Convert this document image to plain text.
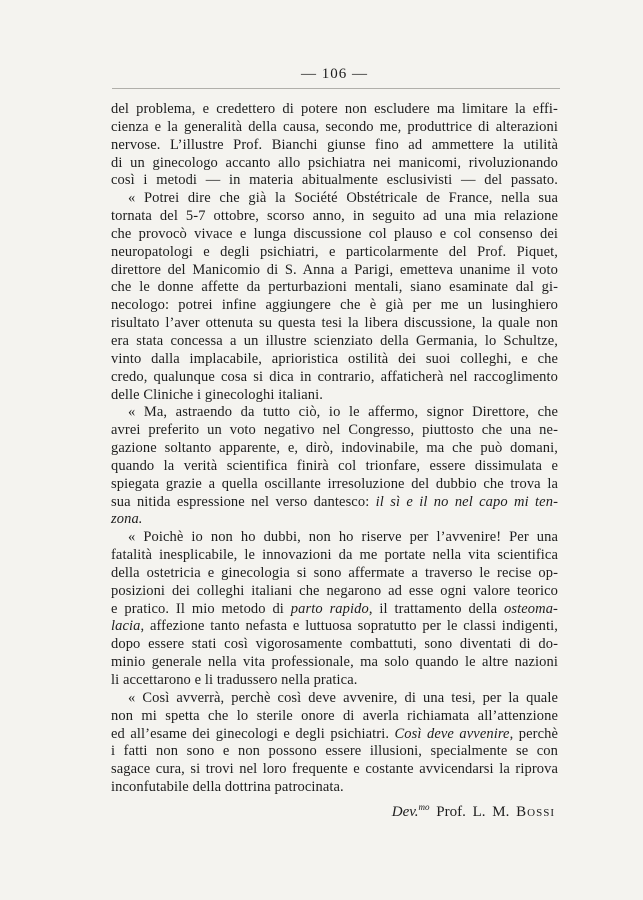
— 106 —
del problema, e credettero di potere non escludere ma limitare la effi-
cienza e la generalità della causa, secondo me, produttrice di alterazioni
nervose. L’illustre Prof. Bianchi giunse fino ad ammettere la utilità
di un ginecologo accanto allo psichiatra nei manicomi, rivoluzionando
così i metodi — in materia abitualmente esclusivisti — del passato.
« Potrei dire che già la Société Obstétricale de France, nella sua
tornata del 5-7 ottobre, scorso anno, in seguito ad una mia relazione
che provocò vivace e lunga discussione col plauso e col consenso dei
neuropatologi e degli psichiatri, e particolarmente del Prof. Piquet,
direttore del Manicomio di S. Anna a Parigi, emetteva unanime il voto
che le donne affette da perturbazioni mentali, siano esaminate dal gi-
necologo: potrei infine aggiungere che è già per me un lusinghiero
risultato l’aver ottenuta su questa tesi la libera discussione, la quale non
era stata concessa a un illustre scienziato della Germania, lo Schultze,
vinto dalla implacabile, aprioristica ostilità dei suoi colleghi, e che
credo, qualunque cosa si dica in contrario, affaticherà nel raccoglimento
delle Cliniche i ginecologhi italiani.
« Ma, astraendo da tutto ciò, io le affermo, signor Direttore, che
avrei preferito un voto negativo nel Congresso, piuttosto che una ne-
gazione soltanto apparente, e, dirò, indovinabile, ma che può domani,
quando la verità scientifica finirà col trionfare, essere dissimulata e
spiegata grazie a quella oscillante irresoluzione del dubbio che trova la
sua nitida espressione nel verso dantesco: il sì e il no nel capo mi ten-
zona.
« Poichè io non ho dubbi, non ho riserve per l’avvenire! Per una
fatalità inesplicabile, le innovazioni da me portate nella vita scientifica
della ostetricia e ginecologia si sono affermate a traverso le recise op-
posizioni dei colleghi italiani che negarono ad esse ogni valore teorico
e pratico. Il mio metodo di parto rapido, il trattamento della osteoma-
lacia, affezione tanto nefasta e luttuosa sopratutto per le classi indigenti,
dopo essere stati così vigorosamente combattuti, sono diventati di do-
minio generale nella vita professionale, ma solo quando le altre nazioni
li accettarono e li tradussero nella pratica.
« Così avverrà, perchè così deve avvenire, di una tesi, per la quale
non mi spetta che lo sterile onore di averla richiamata all’attenzione
ed all’esame dei ginecologi e degli psichiatri. Così deve avvenire, perchè
i fatti non sono e non possono essere illusioni, specialmente se con
sagace cura, si trovi nel loro frequente e costante avvicendarsi la riprova
inconfutabile della dottrina patrocinata.
Dev.$^{mo}$ Prof. L. M. Bossi
